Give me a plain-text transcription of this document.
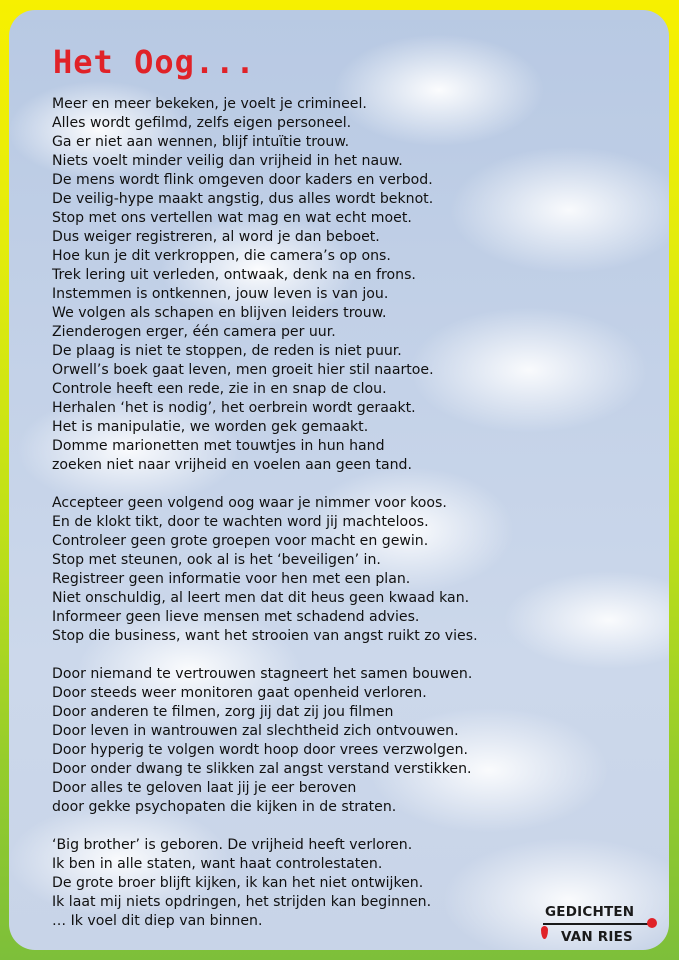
Het Oog...
Meer en meer bekeken, je voelt je crimineel.
Alles wordt gefilmd, zelfs eigen personeel.
Ga er niet aan wennen, blijf intuïtie trouw.
Niets voelt minder veilig dan vrijheid in het nauw.
De mens wordt flink omgeven door kaders en verbod.
De veilig-hype maakt angstig, dus alles wordt beknot.
Stop met ons vertellen wat mag en wat echt moet.
Dus weiger registreren, al word je dan beboet.
Hoe kun je dit verkroppen, die camera’s op ons.
Trek lering uit verleden, ontwaak, denk na en frons.
Instemmen is ontkennen, jouw leven is van jou.
We volgen als schapen en blijven leiders trouw.
Zienderogen erger, één camera per uur.
De plaag is niet te stoppen, de reden is niet puur.
Orwell’s boek gaat leven, men groeit hier stil naartoe.
Controle heeft een rede, zie in en snap de clou.
Herhalen ‘het is nodig’, het oerbrein wordt geraakt.
Het is manipulatie, we worden gek gemaakt.
Domme marionetten met touwtjes in hun hand
zoeken niet naar vrijheid en voelen aan geen tand.
Accepteer geen volgend oog waar je nimmer voor koos.
En de klokt tikt, door te wachten word jij machteloos.
Controleer geen grote groepen voor macht en gewin.
Stop met steunen, ook al is het ‘beveiligen’ in.
Registreer geen informatie voor hen met een plan.
Niet onschuldig, al leert men dat dit heus geen kwaad kan.
Informeer geen lieve mensen met schadend advies.
Stop die business, want het strooien van angst ruikt zo vies.
Door niemand te vertrouwen stagneert het samen bouwen.
Door steeds weer monitoren gaat openheid verloren.
Door anderen te filmen, zorg jij dat zij jou filmen
Door leven in wantrouwen zal slechtheid zich ontvouwen.
Door hyperig te volgen wordt hoop door vrees verzwolgen.
Door onder dwang te slikken zal angst verstand verstikken.
Door alles te geloven laat jij je eer beroven
door gekke psychopaten die kijken in de straten.
‘Big brother’ is geboren. De vrijheid heeft verloren.
Ik ben in alle staten, want haat controlestaten.
De grote broer blijft kijken, ik kan het niet ontwijken.
Ik laat mij niets opdringen, het strijden kan beginnen.
… Ik voel dit diep van binnen.
GEDICHTEN
VAN RIES
